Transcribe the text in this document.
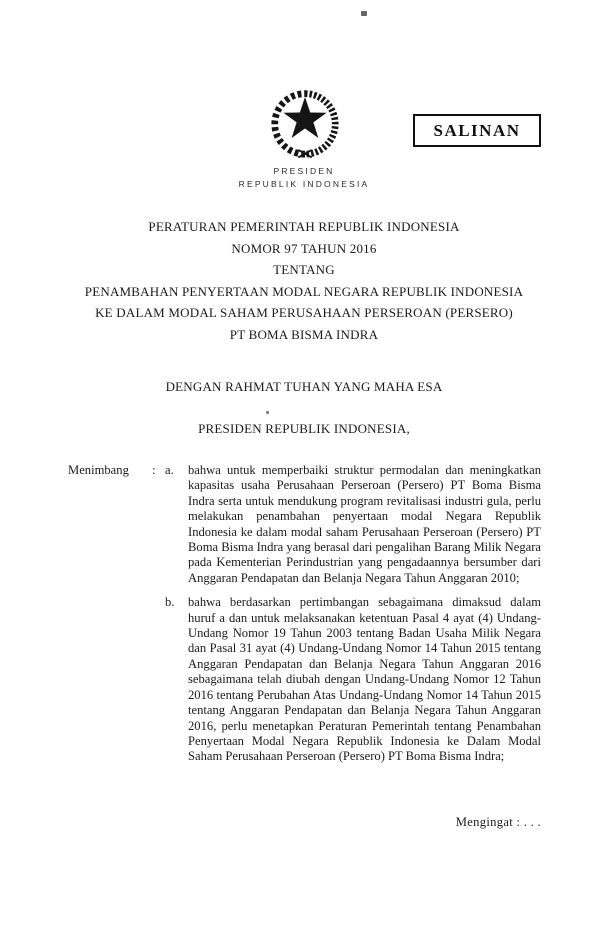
SALINAN
PRESIDEN
REPUBLIK INDONESIA
PERATURAN PEMERINTAH REPUBLIK INDONESIA
NOMOR 97 TAHUN 2016
TENTANG
PENAMBAHAN PENYERTAAN MODAL NEGARA REPUBLIK INDONESIA
KE DALAM MODAL SAHAM PERUSAHAAN PERSEROAN (PERSERO)
PT BOMA BISMA INDRA
DENGAN RAHMAT TUHAN YANG MAHA ESA
PRESIDEN REPUBLIK INDONESIA,
Menimbang : a. bahwa untuk memperbaiki struktur permodalan dan meningkatkan kapasitas usaha Perusahaan Perseroan (Persero) PT Boma Bisma Indra serta untuk mendukung program revitalisasi industri gula, perlu melakukan penambahan penyertaan modal Negara Republik Indonesia ke dalam modal saham Perusahaan Perseroan (Persero) PT Boma Bisma Indra yang berasal dari pengalihan Barang Milik Negara pada Kementerian Perindustrian yang pengadaannya bersumber dari Anggaran Pendapatan dan Belanja Negara Tahun Anggaran 2010;

b. bahwa berdasarkan pertimbangan sebagaimana dimaksud dalam huruf a dan untuk melaksanakan ketentuan Pasal 4 ayat (4) Undang-Undang Nomor 19 Tahun 2003 tentang Badan Usaha Milik Negara dan Pasal 31 ayat (4) Undang-Undang Nomor 14 Tahun 2015 tentang Anggaran Pendapatan dan Belanja Negara Tahun Anggaran 2016 sebagaimana telah diubah dengan Undang-Undang Nomor 12 Tahun 2016 tentang Perubahan Atas Undang-Undang Nomor 14 Tahun 2015 tentang Anggaran Pendapatan dan Belanja Negara Tahun Anggaran 2016, perlu menetapkan Peraturan Pemerintah tentang Penambahan Penyertaan Modal Negara Republik Indonesia ke Dalam Modal Saham Perusahaan Perseroan (Persero) PT Boma Bisma Indra;

Mengingat : . . .
